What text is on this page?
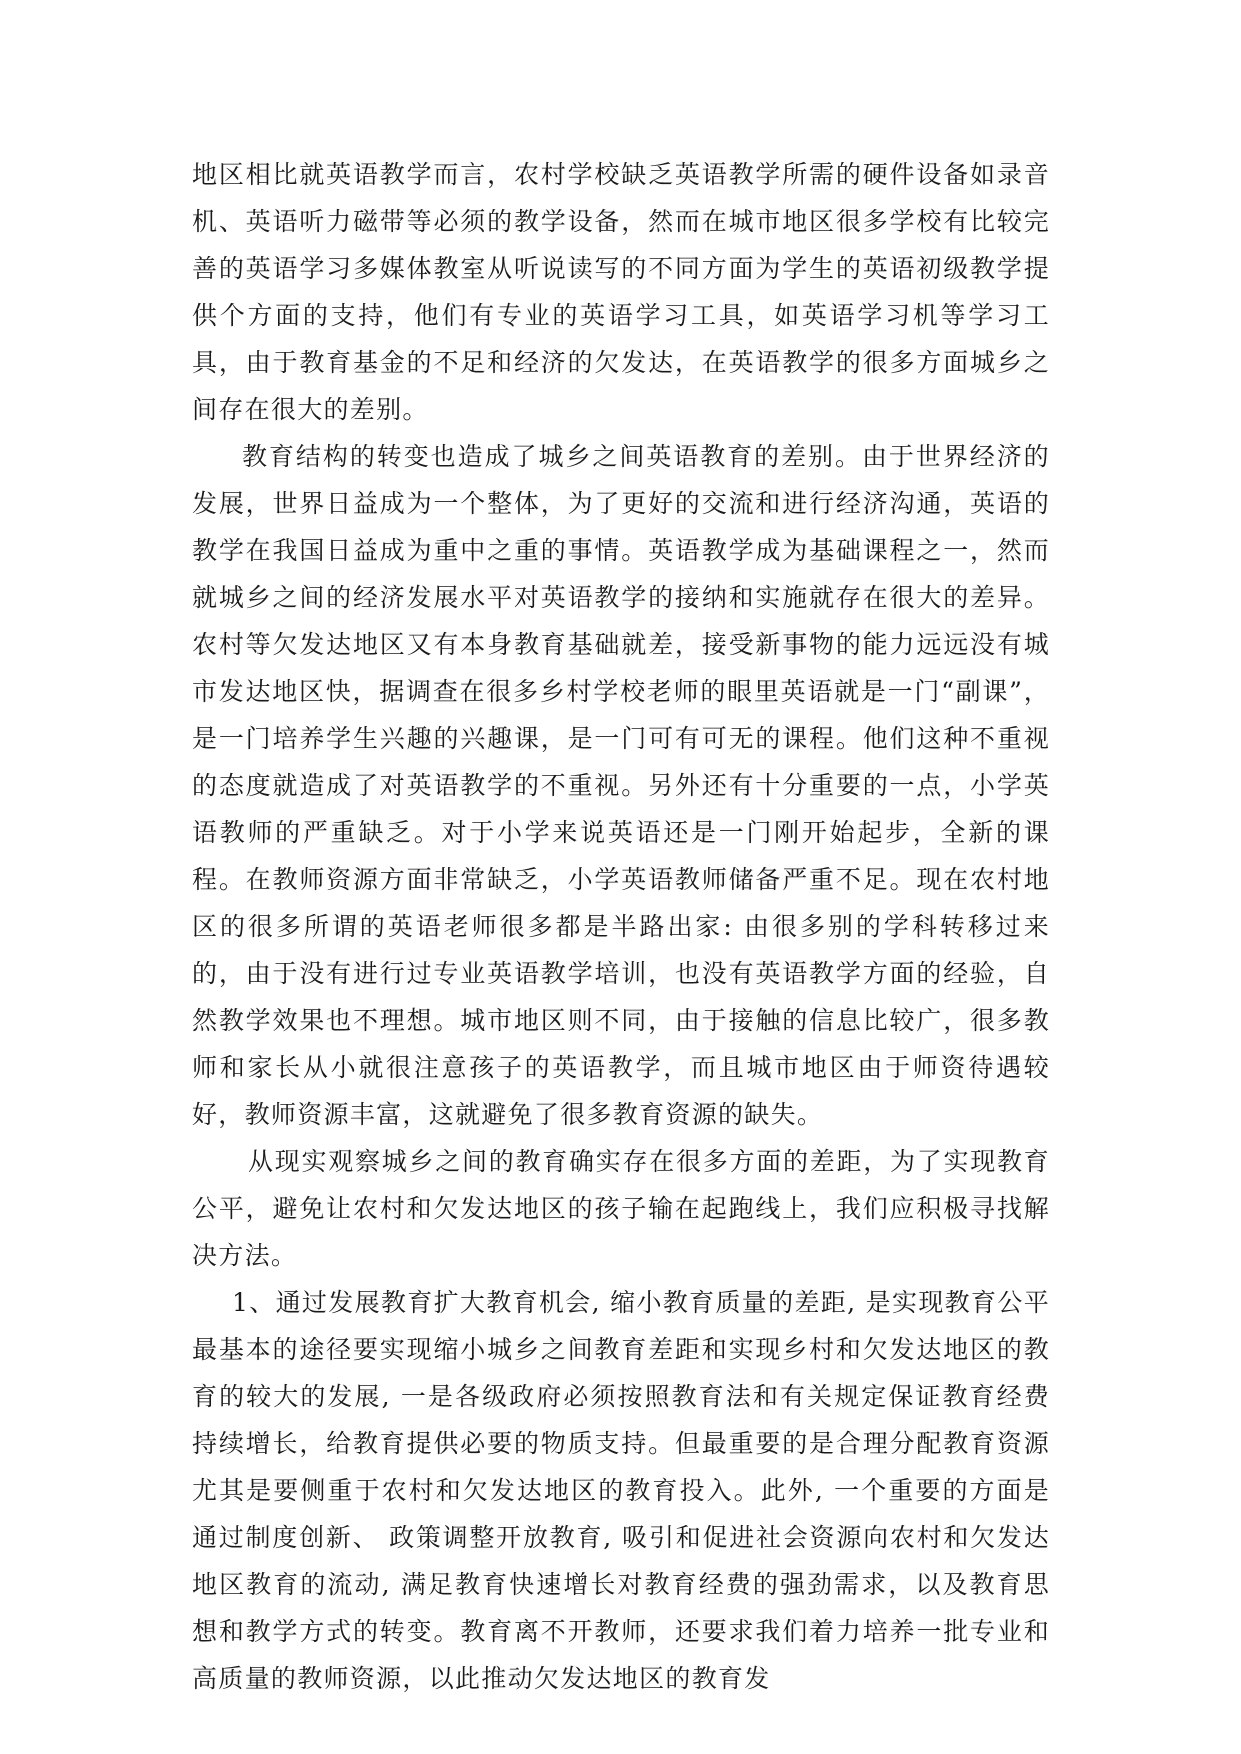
地区相比就英语教学而言，农村学校缺乏英语教学所需的硬件设备如录音机、英语听力磁带等必须的教学设备，然而在城市地区很多学校有比较完善的英语学习多媒体教室从听说读写的不同方面为学生的英语初级教学提供个方面的支持，他们有专业的英语学习工具，如英语学习机等学习工具，由于教育基金的不足和经济的欠发达，在英语教学的很多方面城乡之间存在很大的差别。

教育结构的转变也造成了城乡之间英语教育的差别。由于世界经济的发展，世界日益成为一个整体，为了更好的交流和进行经济沟通，英语的教学在我国日益成为重中之重的事情。英语教学成为基础课程之一，然而就城乡之间的经济发展水平对英语教学的接纳和实施就存在很大的差异。农村等欠发达地区又有本身教育基础就差，接受新事物的能力远远没有城市发达地区快，据调查在很多乡村学校老师的眼里英语就是一门“副课”，是一门培养学生兴趣的兴趣课，是一门可有可无的课程。他们这种不重视的态度就造成了对英语教学的不重视。另外还有十分重要的一点，小学英语教师的严重缺乏。对于小学来说英语还是一门刚开始起步，全新的课程。在教师资源方面非常缺乏，小学英语教师储备严重不足。现在农村地区的很多所谓的英语老师很多都是半路出家: 由很多别的学科转移过来的，由于没有进行过专业英语教学培训，也没有英语教学方面的经验，自然教学效果也不理想。城市地区则不同，由于接触的信息比较广，很多教师和家长从小就很注意孩子的英语教学，而且城市地区由于师资待遇较好，教师资源丰富，这就避免了很多教育资源的缺失。

从现实观察城乡之间的教育确实存在很多方面的差距，为了实现教育公平，避免让农村和欠发达地区的孩子输在起跑线上，我们应积极寻找解决方法。

1、通过发展教育扩大教育机会, 缩小教育质量的差距, 是实现教育公平最基本的途径要实现缩小城乡之间教育差距和实现乡村和欠发达地区的教育的较大的发展, 一是各级政府必须按照教育法和有关规定保证教育经费持续增长，给教育提供必要的物质支持。但最重要的是合理分配教育资源尤其是要侧重于农村和欠发达地区的教育投入。此外, 一个重要的方面是通过制度创新、 政策调整开放教育, 吸引和促进社会资源向农村和欠发达地区教育的流动, 满足教育快速增长对教育经费的强劲需求，以及教育思想和教学方式的转变。教育离不开教师，还要求我们着力培养一批专业和高质量的教师资源，以此推动欠发达地区的教育发
